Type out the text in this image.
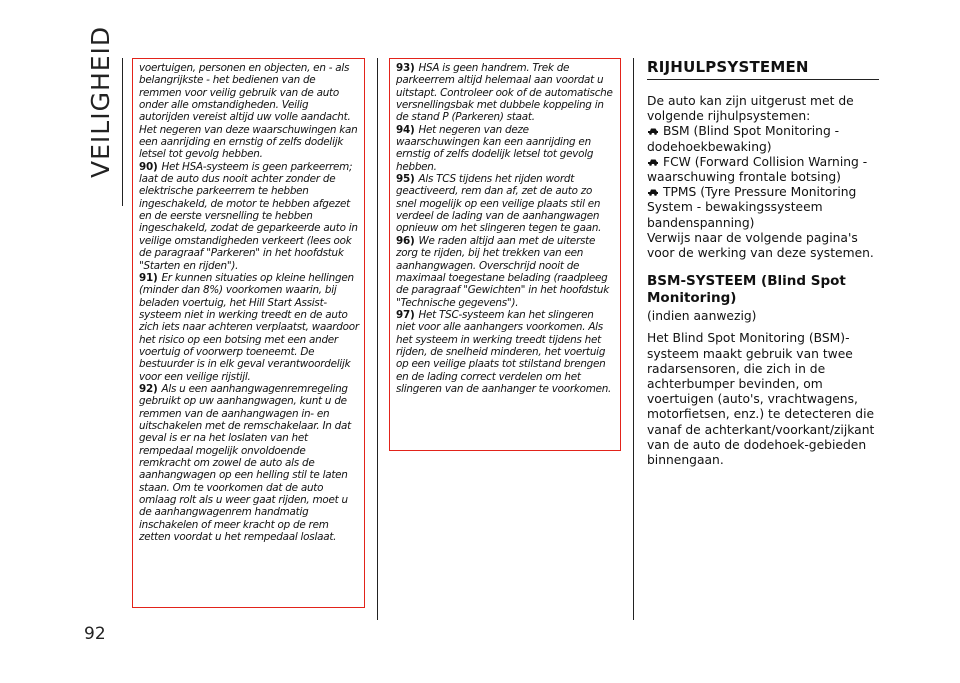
VEILIGHEID
92

voertuigen, personen en objecten, en - als belangrijkste - het bedienen van de remmen voor veilig gebruik van de auto onder alle omstandigheden. Veilig autorijden vereist altijd uw volle aandacht. Het negeren van deze waarschuwingen kan een aanrijding en ernstig of zelfs dodelijk letsel tot gevolg hebben.

90) Het HSA-systeem is geen parkeerrem; laat de auto dus nooit achter zonder de elektrische parkeerrem te hebben ingeschakeld, de motor te hebben afgezet en de eerste versnelling te hebben ingeschakeld, zodat de geparkeerde auto in veilige omstandigheden verkeert (lees ook de paragraaf "Parkeren" in het hoofdstuk "Starten en rijden").

91) Er kunnen situaties op kleine hellingen (minder dan 8%) voorkomen waarin, bij beladen voertuig, het Hill Start Assist-systeem niet in werking treedt en de auto zich iets naar achteren verplaatst, waardoor het risico op een botsing met een ander voertuig of voorwerp toeneemt. De bestuurder is in elk geval verantwoordelijk voor een veilige rijstijl.

92) Als u een aanhangwagenremregeling gebruikt op uw aanhangwagen, kunt u de remmen van de aanhangwagen in- en uitschakelen met de remschakelaar. In dat geval is er na het loslaten van het rempedaal mogelijk onvoldoende remkracht om zowel de auto als de aanhangwagen op een helling stil te laten staan. Om te voorkomen dat de auto omlaag rolt als u weer gaat rijden, moet u de aanhangwagenrem handmatig inschakelen of meer kracht op de rem zetten voordat u het rempedaal loslaat.

93) HSA is geen handrem. Trek de parkeerrem altijd helemaal aan voordat u uitstapt. Controleer ook of de automatische versnellingsbak met dubbele koppeling in de stand P (Parkeren) staat.

94) Het negeren van deze waarschuwingen kan een aanrijding en ernstig of zelfs dodelijk letsel tot gevolg hebben.

95) Als TCS tijdens het rijden wordt geactiveerd, rem dan af, zet de auto zo snel mogelijk op een veilige plaats stil en verdeel de lading van de aanhangwagen opnieuw om het slingeren tegen te gaan.

96) We raden altijd aan met de uiterste zorg te rijden, bij het trekken van een aanhangwagen. Overschrijd nooit de maximaal toegestane belading (raadpleeg de paragraaf "Gewichten" in het hoofdstuk "Technische gegevens").

97) Het TSC-systeem kan het slingeren niet voor alle aanhangers voorkomen. Als het systeem in werking treedt tijdens het rijden, de snelheid minderen, het voertuig op een veilige plaats tot stilstand brengen en de lading correct verdelen om het slingeren van de aanhanger te voorkomen.

RIJHULPSYSTEMEN

De auto kan zijn uitgerust met de volgende rijhulpsystemen:

BSM (Blind Spot Monitoring - dodehoekbewaking)

FCW (Forward Collision Warning - waarschuwing frontale botsing)

TPMS (Tyre Pressure Monitoring System - bewakingssysteem bandenspanning)

Verwijs naar de volgende pagina's voor de werking van deze systemen.

BSM-SYSTEEM (Blind Spot Monitoring)

(indien aanwezig)

Het Blind Spot Monitoring (BSM)-systeem maakt gebruik van twee radarsensoren, die zich in de achterbumper bevinden, om voertuigen (auto's, vrachtwagens, motorfietsen, enz.) te detecteren die vanaf de achterkant/voorkant/zijkant van de auto de dodehoek-gebieden binnengaan.
